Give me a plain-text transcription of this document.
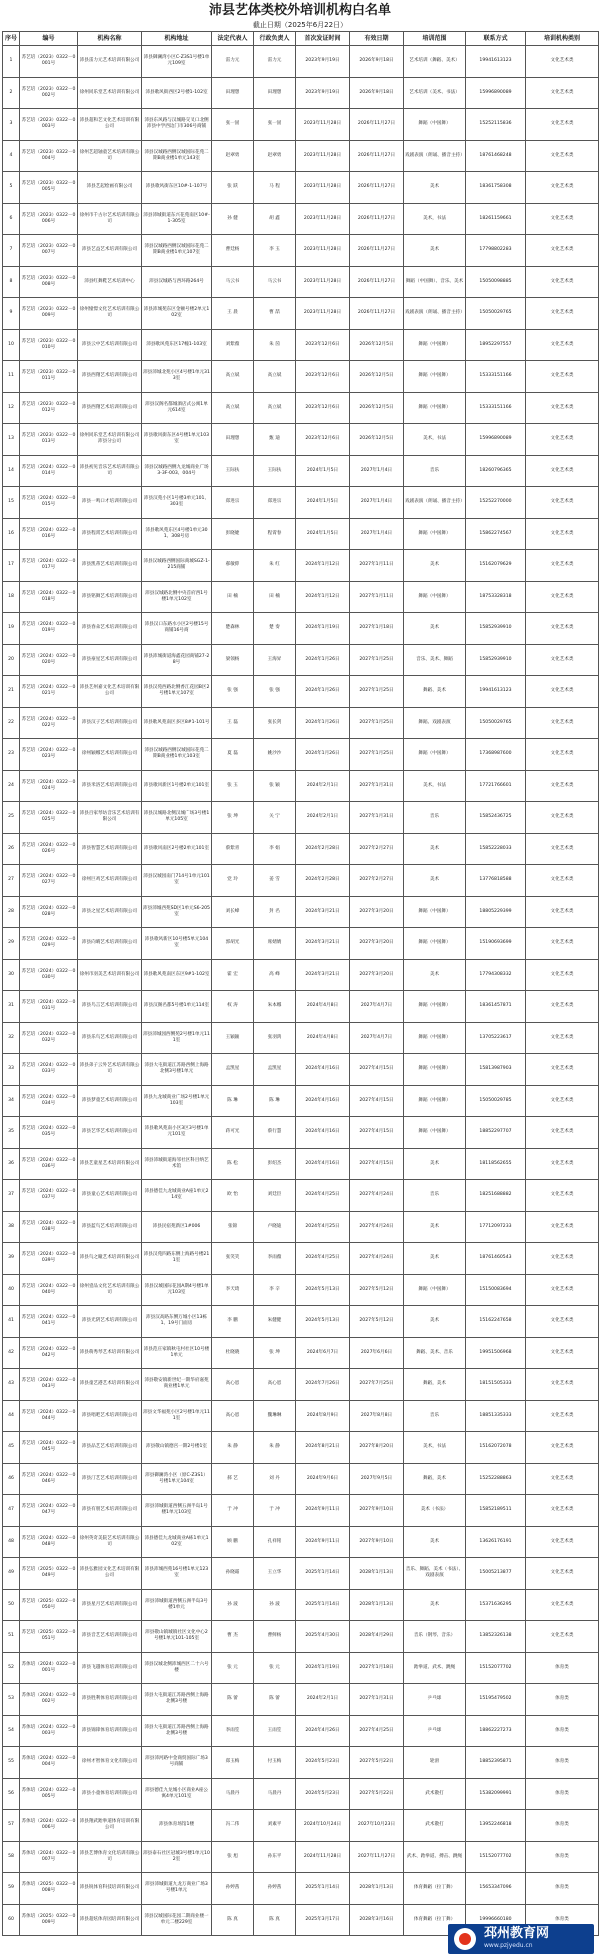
沛县艺体类校外培训机构白名单
截止日期（2025年6月22日）
序号	编号	机构名称	机构地址	法定代表人	行政负责人	首次发证时间	有效日期	培训范围	联系方式	培训机构类别
1	苏艺培（2023）0322－0001号	沛县雷力元艺术培训有限公司	沛县御澜湾小区C-Z3S1号楼1单元109室	雷力元	雷力元	2023年9月19日	2026年9月18日	艺术培训（舞蹈、美术）	19941613123	文化艺术类
2	苏艺培（2023）0322－0002号	徐州同乐堂艺术培训有限公司	沛县歌风街西区2号楼1-102室	田理想	田理想	2023年9月19日	2026年9月18日	艺术培训（美术、书法）	15996890089	文化艺术类
3	苏艺培（2023）0322－0003号	沛县超和艺文化艺术培训有限公司	沛县东风路与汉城路交叉口北侧沛县中学西边门市306号商铺	张一固	张一固	2023年11月28日	2026年11月27日	舞蹈（中国舞）	15252115836	文化艺术类
4	苏艺培（2023）0322－0004号	徐州艺超轴童艺术培训有限公司	沛县汉城路西侧汉城国际花苑二期B商业楼1单元143室	赵翠勇	赵翠勇	2023年11月28日	2026年11月27日	戏剧表演（朗诵、播音主持）	18761468248	文化艺术类
5	苏艺培（2023）0322－0005号	沛县艺起绘画有限公司	沛县歌风街东区10#-1-107号	张 跃	马 程	2023年11月28日	2026年11月27日	美术	18361758308	文化艺术类
6	苏艺培（2023）0322－0006号	徐州市千古尔艺术培训有限公司	沛县沛城街道东兴花苑南区10#-1-305室	孙 健	胡 鑫	2023年11月28日	2026年11月27日	美术，书法	18261159661	文化艺术类
7	苏艺培（2023）0322－0007号	沛县艺益艺术培训有限公司	沛县汉城路西侧汉城国际花苑二期B商业楼1单元107室	曹廷杨	李 玉	2023年11月28日	2026年11月27日	美术	17798802283	文化艺术类
8	苏艺培（2023）0322－0008号	沛县红舞鞋艺术培训中心	沛县汉城路与西环路264号	马云书	马云书	2023年11月28日	2026年11月27日	舞蹈（中国舞）、音乐、美术	15050098885	文化艺术类
9	苏艺培（2023）0322－0009号	徐州憧憬文化艺术培训有限公司	沛县沛城苑东区金额号楼2单元102室	王 晨	曹 喆	2023年11月28日	2026年11月27日	戏剧表演（朗诵、播音主持）	15050029765	文化艺术类
10	苏艺培（2023）0322－0010号	沛县云中艺术培训有限公司	沛县歌风苑东区17幢1-103室	刘紫薇	朱 茵	2023年12月6日	2026年12月5日	舞蹈（中国舞）	18952297557	文化艺术类
11	苏艺培（2023）0322－0011号	沛县西翔艺术培训有限公司	沛县沛城北苑小区4号楼1单元313室	高立斌	高立斌	2023年12月6日	2026年12月5日	舞蹈（中国舞）	15333151166	文化艺术类
12	苏艺培（2023）0322－0012号	沛县西翔艺术培训有限公司	沛县汉阁名都城酒店式公寓1单元614室	高立斌	高立斌	2023年12月6日	2026年12月5日	舞蹈（中国舞）	15333151166	文化艺术类
13	苏艺培（2023）0322－0013号	徐州同乐堂艺术培训有限公司沛县分公司	沛县歌风街东区4号楼1单元103室	田理想	甄 迪	2023年12月6日	2026年12月5日	美术，书法	15996890089	文化艺术类
14	苏艺培（2024）0322－0014号	沛县初见音乐艺术培训有限公司	沛县汉城路西侧九龙城商业广场3-3F-003、004号	王际扶	王际扶	2024年1月5日	2027年1月4日	音乐	18260796365	文化艺术类
15	苏艺培（2024）0322－0015号	沛县一鸣口才培训有限公司	沛县汉苑小区1号楼3单元101、303室	郑进宗	郑进宗	2024年1月5日	2027年1月4日	戏剧表演（朗诵、播音主持）	15252270000	文化艺术类
16	苏艺培（2024）0322－0016号	沛县程霄艺术培训有限公司	沛县歌风苑东区4号楼1单元301、308号房	彭晓婕	程霄春	2024年1月5日	2027年1月4日	舞蹈（中国舞）	15862274567	文化艺术类
17	苏艺培（2024）0322－0017号	沛县凯蒂艺术培训有限公司	沛县汉城路西侧国际商城SGZ-1-215商铺	郝敏仰	朱 红	2024年1月12日	2027年1月11日	美术	15162079629	文化艺术类
18	苏艺培（2024）0322－0018号	沛县铭舞艺术培训有限公司	沛县汉城路北侧中央首府西1号楼1单元102室	田 楠	田 楠	2024年1月12日	2027年1月11日	舞蹈（中国舞）	18753328318	文化艺术类
19	苏艺培（2024）0322－0019号	沛县春朵艺术培训有限公司	沛县汉口东路水小区2号楼15号商铺16号商	楚森林	楚 奏	2024年1月19日	2027年1月18日	美术	15852939910	文化艺术类
20	苏艺培（2024）0322－0020号	沛县豪星艺术培训有限公司	沛县沛城街道海鑫花园商铺27-28号	梁领杨	王海昇	2024年1月26日	2027年1月25日	音乐、美术、舞蹈	15852939910	文化艺术类
21	苏艺培（2024）0322－0021号	沛县艺州嘉文化艺术培训有限公司	沛县汉苑西路北侧香江花园B区2号楼1单元107室	张 强	张 强	2024年1月26日	2027年1月25日	舞蹈、美术	19941613123	文化艺术类
22	苏艺培（2024）0322－0022号	沛县汉子艺术培训有限公司	沛县歌风苑南区多区8#1-101号	王 磊	张长剑	2024年1月26日	2027年1月25日	舞蹈、戏剧表演	15050029765	文化艺术类
23	苏艺培（2024）0322－0023号	徐州颖娜艺术培训有限公司	沛县汉城路西侧汉城国际花苑二期B商业楼1单元103室	夏 磊	姚沙沙	2024年1月26日	2027年1月25日	舞蹈（中国舞）	17368987600	文化艺术类
24	苏艺培（2024）0322－0024号	沛县米洛艺术培训有限公司	沛县歌风新区1号楼2单元101室	张 玉	张 颖	2024年2月1日	2027年1月31日	美术，书法	17721766601	文化艺术类
25	苏艺培（2024）0322－0025号	沛县百家琴坊音乐艺术培训有限公司	沛县汉城路北侧汉城广场3号楼1单元105室	张 坤	关 宁	2024年2月1日	2027年1月31日	音乐	15852436725	文化艺术类
26	苏艺培（2024）0322－0026号	沛县智慧艺术培训有限公司	沛县歌风南区2号楼2单元101室	蔡紫青	李 娟	2024年2月28日	2027年2月27日	美术	15852228033	文化艺术类
27	苏艺培（2024）0322－0027号	徐州巨鸡艺术培训有限公司	沛县汉城园南门714号1单元101室	党 玲	姜 雪	2024年2月28日	2027年2月27日	美术	13776818588	文化艺术类
28	苏艺培（2024）0322－0028号	沛县之星艺术培训有限公司	沛县沛城西苑SD区1单元S6-205室	刘长峰	封 名	2024年3月21日	2027年3月20日	舞蹈（中国舞）	18805229399	文化艺术类
29	苏艺培（2024）0322－0029号	沛县向晴艺术培训有限公司	沛县歌风新区10号楼5单元104室	郭胡光	席婧婧	2024年3月21日	2027年3月20日	舞蹈（中国舞）	15190693699	文化艺术类
30	苏艺培（2024）0322－0030号	徐州市羽美艺术培训有限公司	沛县歌风苑南区东区9#1-102室	霍 宏	高 峰	2024年3月21日	2027年3月20日	美术	17794308332	文化艺术类
31	苏艺培（2024）0322－0031号	沛县鸟言艺术培训有限公司	沛县汉阁名都5号楼1单元114室	权 涛	朱本娜	2024年4月8日	2027年4月7日	舞蹈（中国舞）	18361457871	文化艺术类
32	苏艺培（2024）0322－0032号	沛县乐鸟艺术培训有限公司	沛县沛城园西侧苑2号楼1单元111室	王颖颖	张羽鸿	2024年4月8日	2027年4月7日	舞蹈（中国舞）	13705223617	文化艺术类
33	苏艺培（2024）0322－0033号	沛县弟子云外艺术培训有限公司	沛县大屯街道江苏路西侧上海路北侧3号楼1单元	孟凯星	孟凯星	2024年4月16日	2027年4月15日	舞蹈（中国舞）	15813987903	文化艺术类
34	苏艺培（2024）0322－0034号	沛县梦童艺术培训有限公司	沛县九龙城商业广场2号楼1单元103室	陈 琳	陈 琳	2024年4月16日	2027年4月15日	舞蹈（中国舞）	15050029785	文化艺术类
35	苏艺培（2024）0322－0035号	沛县艺华艺术培训有限公司	沛县歌风苑南小区3区3号楼1单元101室	蒋可光	蔡行慧	2024年4月16日	2027年4月15日	舞蹈（中国舞）	18852297707	文化艺术类
36	苏艺培（2024）0322－0036号	沛县艺童星艺术培训有限公司	沛县沛城街道海邻社区科目纳艺术馆	陈 松	彭绍杰	2024年4月16日	2027年4月15日	美术	18118562655	文化艺术类
37	苏艺培（2024）0322－0037号	沛县童心艺术培训有限公司	沛县德佳九龙城商业A座1单元214室	欧 怡	刘廷臣	2024年4月25日	2027年4月24日	音乐	18251688882	文化艺术类
38	苏艺培（2024）0322－0038号	沛县蓝鸟艺术培训有限公司	沛县民宿苑新区1#006	张锦	卢晓迪	2024年4月25日	2027年4月24日	美术	17712097233	文化艺术类
39	苏艺培（2024）0322－0039号	沛县鸟之瞳艺术培训有限公司	沛县汉苑四路东侧上海路号楼211室	张笑笑	李雨薇	2024年4月25日	2027年4月24日	美术	18761460543	文化艺术类
40	苏艺培（2024）0322－0040号	徐州壹品文化艺术培训有限公司	沛县汉城国际花园A期4号楼1单元103室	李天琦	李 辛	2024年5月13日	2027年5月12日	舞蹈（中国舞）	15150083694	文化艺术类
41	苏艺培（2024）0322－0041号	沛县光阴艺术培训有限公司	沛县汉高路东侧万城小区13栋1、19号门面房	李 鹏	朱健健	2024年5月13日	2027年5月12日	美术	15162247658	文化艺术类
42	苏艺培（2024）0322－0042号	沛县萌秀琴艺术培训有限公司	沛县范庄家镇秋屯村社区10号楼1单元	杜晓晓	张 坤	2024年6月7日	2027年6月6日	舞蹈、美术、音乐	19951506968	文化艺术类
43	苏艺培（2024）0322－0043号	沛县童艺港艺术培训有限公司	沛县敬安镇新世纪一期华府嘉苑商业楼1单元	高心恩	高心恩	2024年7月26日	2027年7月25日	舞蹈，美术	18151505333	文化艺术类
44	苏艺培（2024）0322－0044号	沛县唱吧艺术培训有限公司	沛县文华福苑小区2号楼1单元111室	高心恩	魏琳琳	2024年8月9日	2027年8月8日	音乐	18851335333	文化艺术类
45	苏艺培（2024）0322－0045号	沛县品艺艺术培训有限公司	沛县敬山镇德宫一期2号楼1室	朱 静	朱 静	2024年8月21日	2027年8月20日	美术，书法	15162072078	文化艺术类
46	苏艺培（2024）0322－0046号	沛县汀艺艺术培训有限公司	沛县御澜湾小区（原C-Z3S1）号楼1单元104室	郝 艺	刘 丹	2024年9月6日	2027年9月5日	舞蹈，美术	15252288863	文化艺术类
47	苏艺培（2024）0322－0047号	沛县有朋艺术培训有限公司	沛县沛城街道西侧五洲半岛1号楼1单元103室	于 冲	于 冲	2024年9月11日	2027年9月10日	美术（书法）	15852189511	文化艺术类
48	苏艺培（2024）0322－0048号	徐州英奇美院艺术培训有限公司	沛县德佳九龙城商业A栋1单元102室	顾 鹏	孔祥铭	2024年9月11日	2027年9月10日	美术	13626176191	文化艺术类
49	苏艺培（2025）0322－0049号	沛县弘雅园文化艺术培训有限公司	沛县沛城西苑16号楼1单元123室	孙晓霜	王立华	2025年1月14日	2028年1月13日	音乐、舞蹈、美术（书法）、戏剧表演	15005213877	文化艺术类
50	苏艺培（2025）0322－0050号	沛县星月艺术培训有限公司	沛县沛城街道西侧五洲半岛3号楼1单元	孙 波	孙 波	2025年1月14日	2028年1月13日	美术	15371636295	文化艺术类
51	苏艺培（2025）0322－0051号	沛县音艺艺术培训有限公司	沛县敬山镇城镇社区文化中心2号楼1单元101-105室	曹 杰	曹鲜杨	2025年4月30日	2028年4月29日	音乐（钢琴、音乐）	13852326138	文化艺术类
52	苏体培（2024）0322－0001号	沛县飞越体育培训有限公司	沛县汉城北侧沛城西区二十六号楼	张 元	张 元	2024年1月19日	2027年1月18日	跆拳道、武术、跳绳	15152077702	体育类
53	苏体培（2024）0322－0002号	沛县胜利体育培训有限公司	沛县大屯街道江苏路西侧上海路北侧3号楼	陈 蕾	陈 蕾	2024年2月1日	2027年1月31日	乒乓球	15195479502	体育类
54	苏体培（2024）0322－0003号	沛县锦锋体育培训有限公司	沛县大屯街道江苏路西侧上海路北侧3号楼	李雨笙	王雨笙	2024年4月26日	2027年4月25日	乒乓球	18862227273	体育类
55	苏体培（2024）0322－0004号	徐州才智体育文化有限公司	沛县沛河路中金商贸国际广场3号商铺	郑玉梅	付玉梅	2024年5月23日	2027年5月22日	轮滑	18852395871	体育类
56	苏体培（2024）0322－0005号	沛县小童体育培训有限公司	沛县德佳九龙城小区商业A座公寓4单元101室	马晨丹	马晨丹	2024年5月23日	2027年5月22日	武术散打	15382099991	体育类
57	苏体培（2024）0322－0006号	沛县翔武跆拳道体育培训有限公司	沛县体育场馆1楼	冯二伟	刘素平	2024年10月24日	2027年10月23日	武术散打	13952246818	体育类
58	苏体培（2024）0322－0007号	沛县艺博体育文化培训有限公司	沛县泰石社区冠城3号楼1单元102室	张 旭	孙东平	2024年11月28日	2027年11月27日	武术、跆拳道、搏击、跳绳	15152077702	体育类
59	苏体培（2025）0322－0008号	沛县锐体育科技培训有限公司	沛县沛城街道九龙万商业广场3号楼1单元	孙婷茜	孙婷茜	2025年1月14日	2028年1月13日	体育舞蹈（拉丁舞）	15653347096	体育类
60	苏体培（2025）0322－0009号	沛县超炫体育园培训有限公司	沛县汉城国际花园二期商业楼一单元二楼229室	陈 真	陈 真	2025年3月17日	2028年3月16日	体育舞蹈（拉丁舞）	19996660180	体育类
邳州教育网
www.pzjyedu.cn
